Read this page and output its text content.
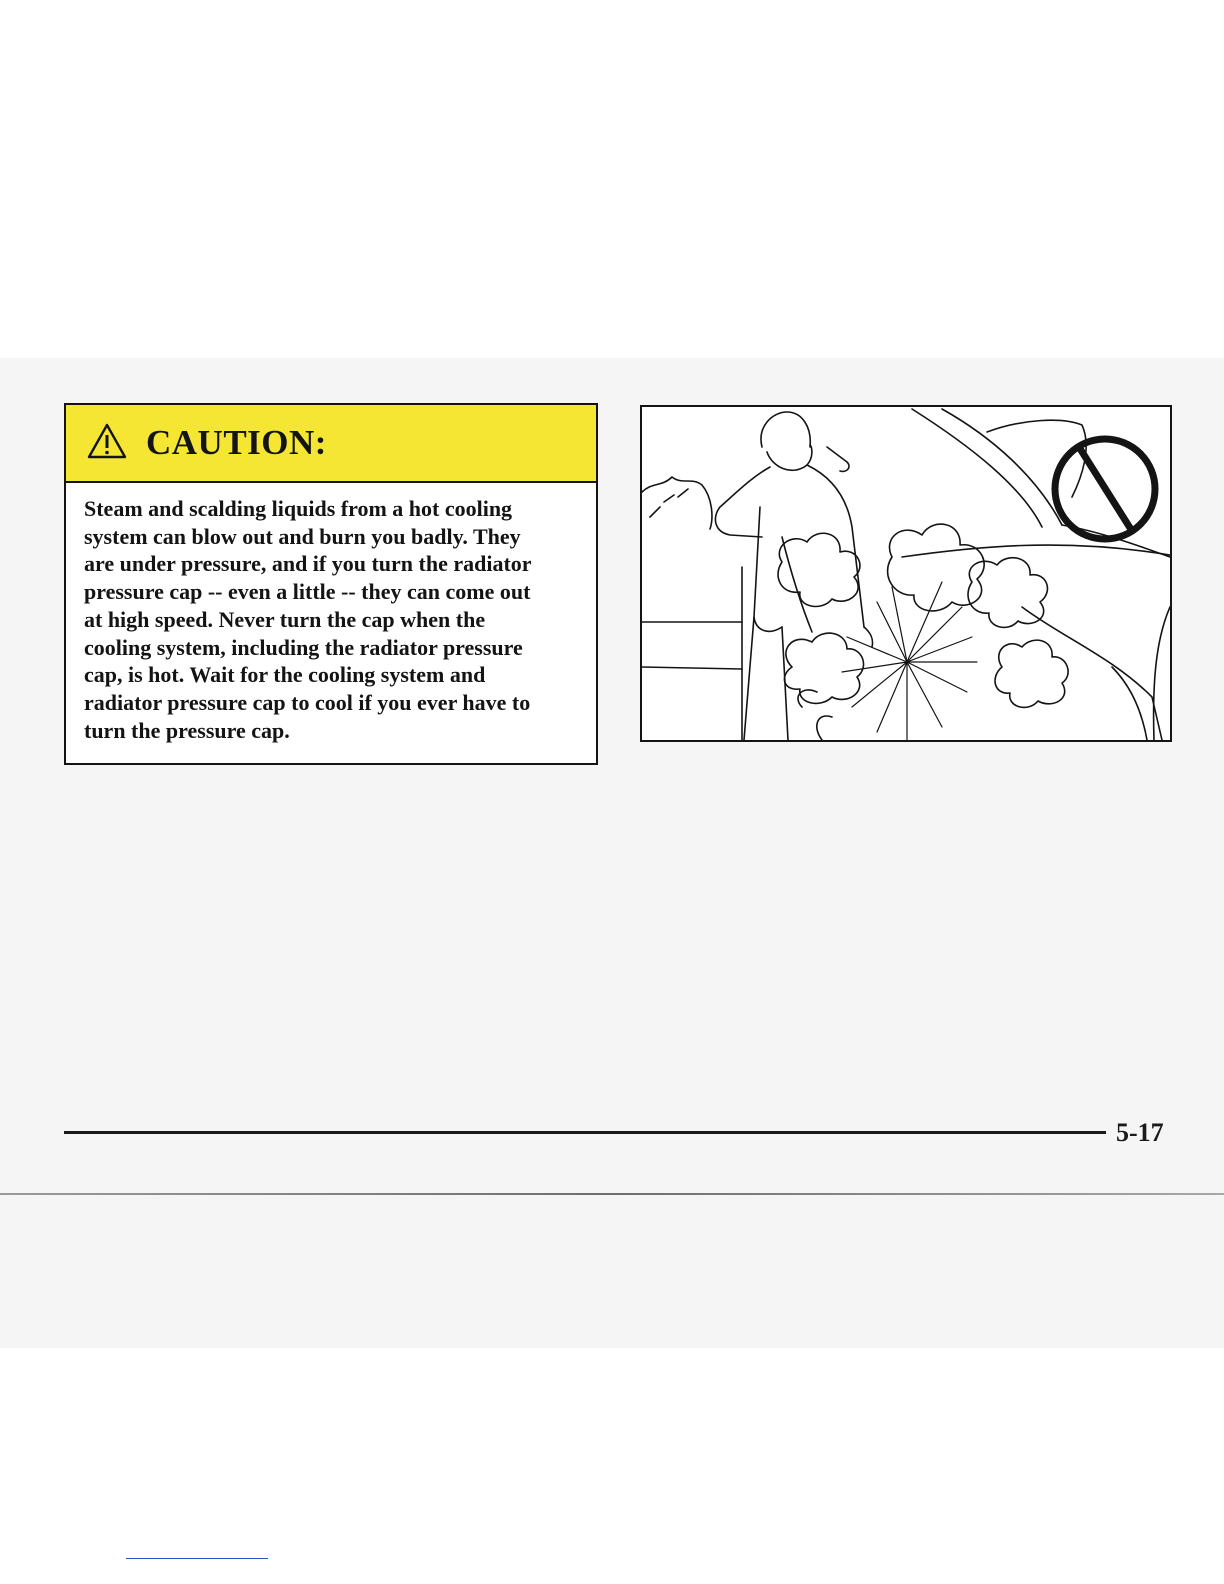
CAUTION:
Steam and scalding liquids from a hot cooling
system can blow out and burn you badly. They
are under pressure, and if you turn the radiator
pressure cap -- even a little -- they can come out
at high speed. Never turn the cap when the
cooling system, including the radiator pressure
cap, is hot. Wait for the cooling system and
radiator pressure cap to cool if you ever have to
turn the pressure cap.
5-17
